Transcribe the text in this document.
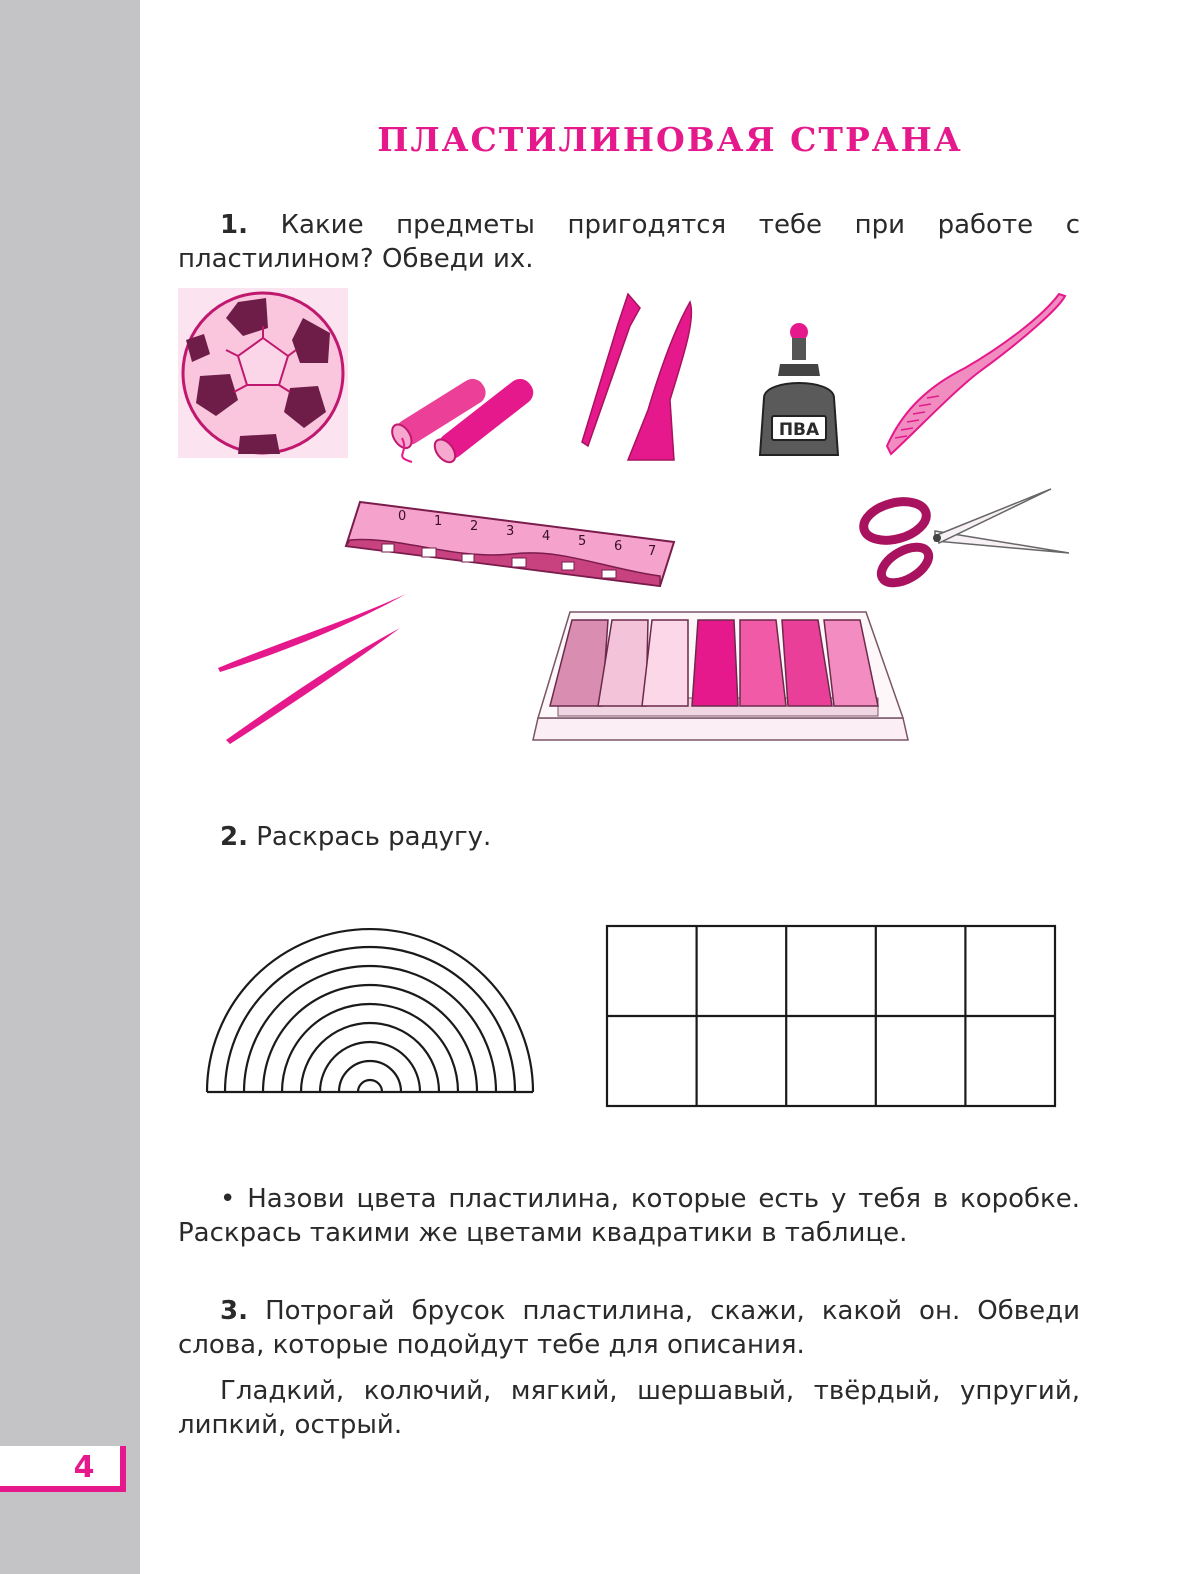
4
ПЛАСТИЛИНОВАЯ СТРАНА

1. Какие предметы пригодятся тебе при работе с пластилином? Обведи их.

ПВА
0 1 2 3 4 5 6 7

2. Раскрась радугу.

• Назови цвета пластилина, которые есть у тебя в коробке. Раскрась такими же цветами квадратики в таблице.

3. Потрогай брусок пластилина, скажи, какой он. Обведи слова, которые подойдут тебе для описания.

Гладкий, колючий, мягкий, шершавый, твёрдый, упругий, липкий, острый.
